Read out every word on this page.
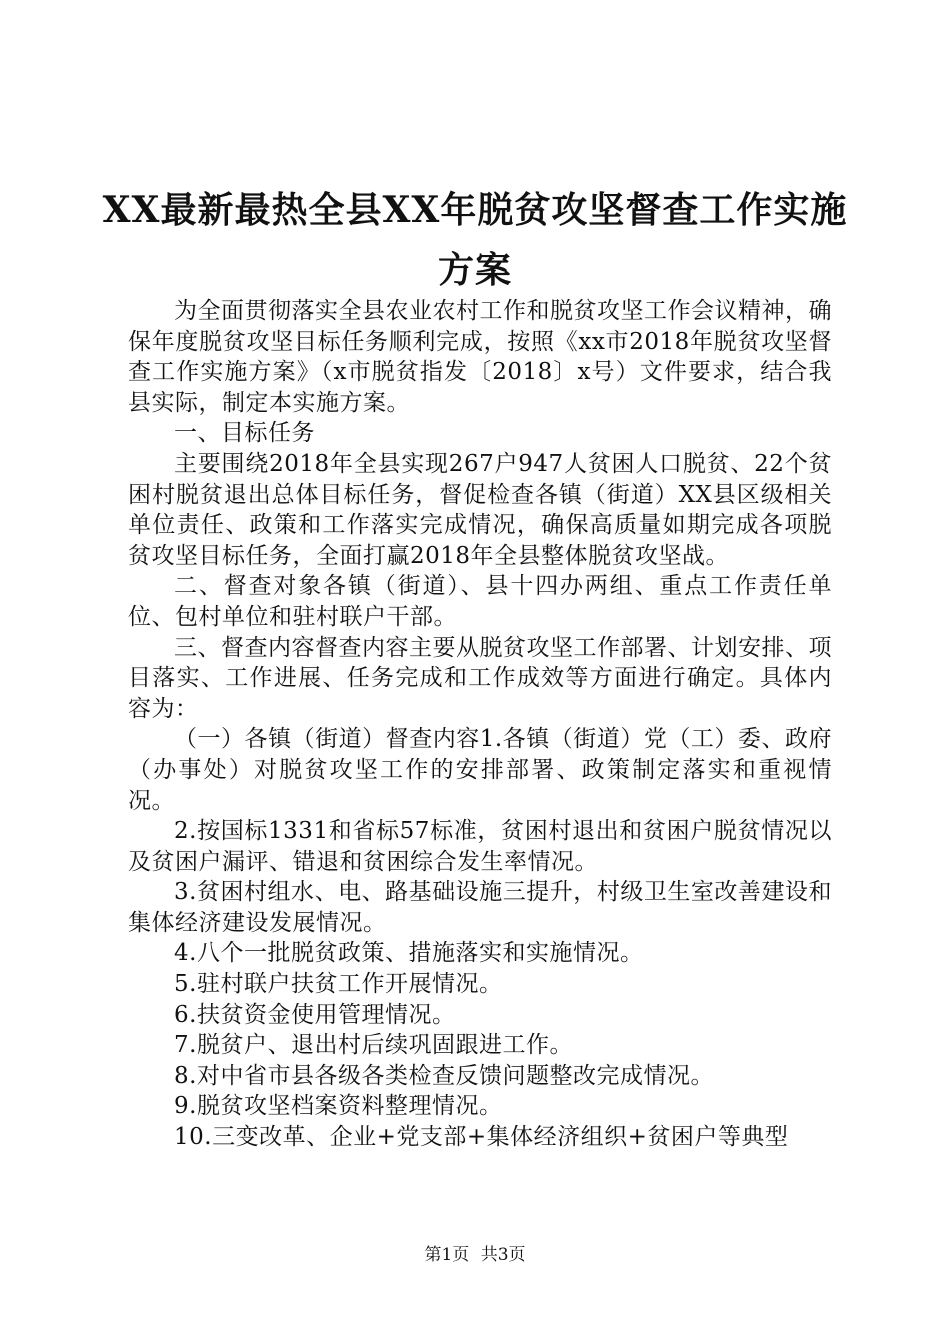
XX最新最热全县XX年脱贫攻坚督查工作实施
方案

为全面贯彻落实全县农业农村工作和脱贫攻坚工作会议精神，确保年度脱贫攻坚目标任务顺利完成，按照《xx市2018年脱贫攻坚督查工作实施方案》（x市脱贫指发〔2018〕x号）文件要求，结合我县实际，制定本实施方案。

一、目标任务

主要围绕2018年全县实现267户947人贫困人口脱贫、22个贫困村脱贫退出总体目标任务，督促检查各镇（街道）XX县区级相关单位责任、政策和工作落实完成情况，确保高质量如期完成各项脱贫攻坚目标任务，全面打赢2018年全县整体脱贫攻坚战。

二、督查对象各镇（街道）、县十四办两组、重点工作责任单位、包村单位和驻村联户干部。

三、督查内容督查内容主要从脱贫攻坚工作部署、计划安排、项目落实、工作进展、任务完成和工作成效等方面进行确定。具体内容为：

（一）各镇（街道）督查内容1.各镇（街道）党（工）委、政府（办事处）对脱贫攻坚工作的安排部署、政策制定落实和重视情况。

2.按国标1331和省标57标准，贫困村退出和贫困户脱贫情况以及贫困户漏评、错退和贫困综合发生率情况。

3.贫困村组水、电、路基础设施三提升，村级卫生室改善建设和集体经济建设发展情况。

4.八个一批脱贫政策、措施落实和实施情况。

5.驻村联户扶贫工作开展情况。

6.扶贫资金使用管理情况。

7.脱贫户、退出村后续巩固跟进工作。

8.对中省市县各级各类检查反馈问题整改完成情况。

9.脱贫攻坚档案资料整理情况。

10.三变改革、企业+党支部+集体经济组织+贫困户等典型

第1页 共3页
